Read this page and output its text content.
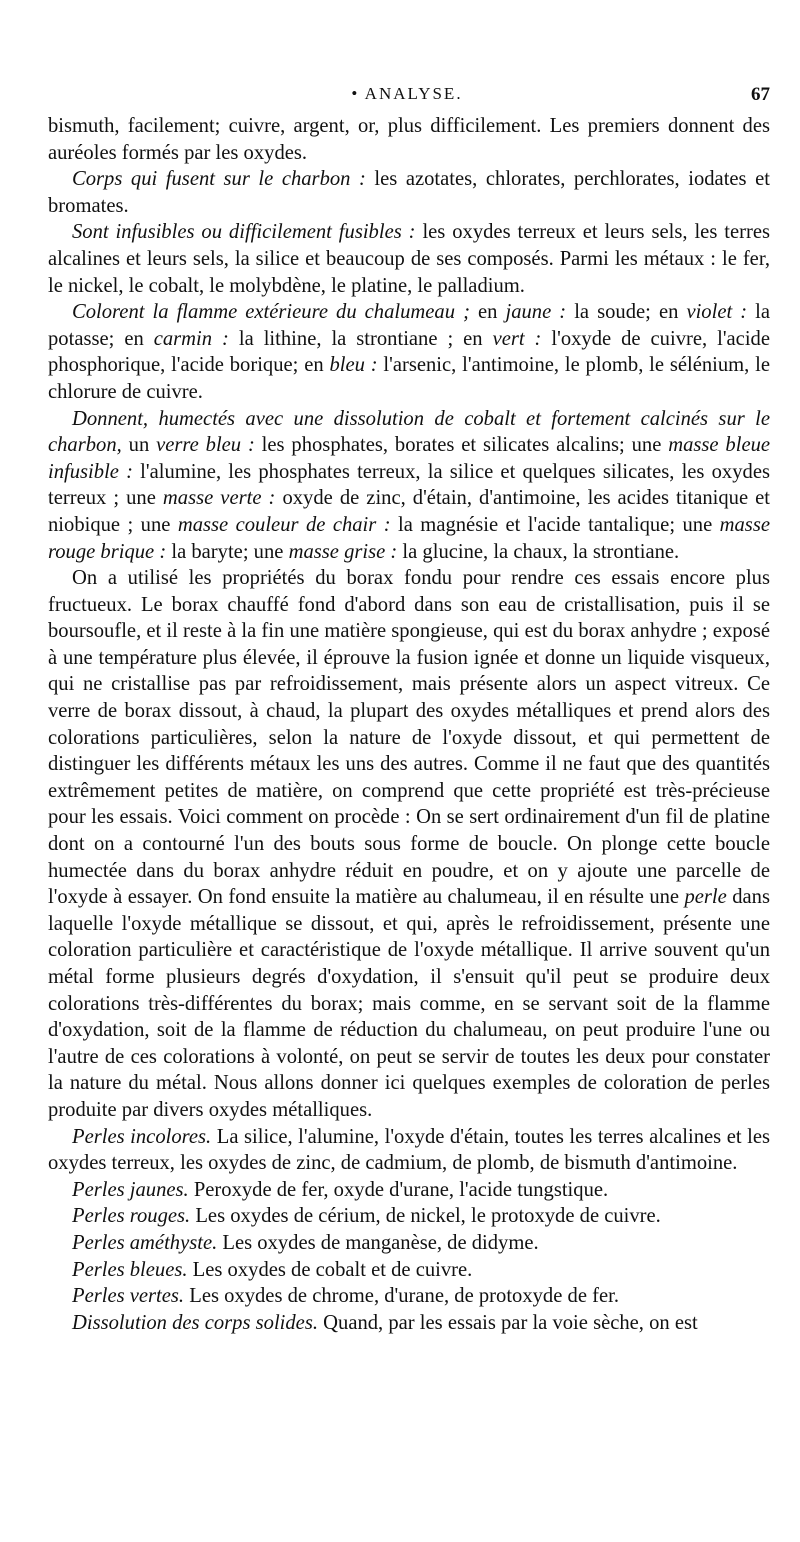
• ANALYSE.	67

bismuth, facilement; cuivre, argent, or, plus difficilement. Les premiers donnent des auréoles formés par les oxydes.

Corps qui fusent sur le charbon : les azotates, chlorates, perchlorates, iodates et bromates.

Sont infusibles ou difficilement fusibles : les oxydes terreux et leurs sels, les terres alcalines et leurs sels, la silice et beaucoup de ses composés. Parmi les métaux : le fer, le nickel, le cobalt, le molybdène, le platine, le palladium.

Colorent la flamme extérieure du chalumeau ; en jaune : la soude; en violet : la potasse; en carmin : la lithine, la strontiane ; en vert : l'oxyde de cuivre, l'acide phosphorique, l'acide borique; en bleu : l'arsenic, l'antimoine, le plomb, le sélénium, le chlorure de cuivre.

Donnent, humectés avec une dissolution de cobalt et fortement calcinés sur le charbon, un verre bleu : les phosphates, borates et silicates alcalins; une masse bleue infusible : l'alumine, les phosphates terreux, la silice et quelques silicates, les oxydes terreux ; une masse verte : oxyde de zinc, d'étain, d'antimoine, les acides titanique et niobique ; une masse couleur de chair : la magnésie et l'acide tantalique; une masse rouge brique : la baryte; une masse grise : la glucine, la chaux, la strontiane.

On a utilisé les propriétés du borax fondu pour rendre ces essais encore plus fructueux. Le borax chauffé fond d'abord dans son eau de cristallisation, puis il se boursoufle, et il reste à la fin une matière spongieuse, qui est du borax anhydre ; exposé à une température plus élevée, il éprouve la fusion ignée et donne un liquide visqueux, qui ne cristallise pas par refroidissement, mais présente alors un aspect vitreux. Ce verre de borax dissout, à chaud, la plupart des oxydes métalliques et prend alors des colorations particulières, selon la nature de l'oxyde dissout, et qui permettent de distinguer les différents métaux les uns des autres. Comme il ne faut que des quantités extrêmement petites de matière, on comprend que cette propriété est très-précieuse pour les essais. Voici comment on procède : On se sert ordinairement d'un fil de platine dont on a contourné l'un des bouts sous forme de boucle. On plonge cette boucle humectée dans du borax anhydre réduit en poudre, et on y ajoute une parcelle de l'oxyde à essayer. On fond ensuite la matière au chalumeau, il en résulte une perle dans laquelle l'oxyde métallique se dissout, et qui, après le refroidissement, présente une coloration particulière et caractéristique de l'oxyde métallique. Il arrive souvent qu'un métal forme plusieurs degrés d'oxydation, il s'ensuit qu'il peut se produire deux colorations très-différentes du borax; mais comme, en se servant soit de la flamme d'oxydation, soit de la flamme de réduction du chalumeau, on peut produire l'une ou l'autre de ces colorations à volonté, on peut se servir de toutes les deux pour constater la nature du métal. Nous allons donner ici quelques exemples de coloration de perles produite par divers oxydes métalliques.

Perles incolores. La silice, l'alumine, l'oxyde d'étain, toutes les terres alcalines et les oxydes terreux, les oxydes de zinc, de cadmium, de plomb, de bismuth d'antimoine.

Perles jaunes. Peroxyde de fer, oxyde d'urane, l'acide tungstique.

Perles rouges. Les oxydes de cérium, de nickel, le protoxyde de cuivre.

Perles améthyste. Les oxydes de manganèse, de didyme.

Perles bleues. Les oxydes de cobalt et de cuivre.

Perles vertes. Les oxydes de chrome, d'urane, de protoxyde de fer.

Dissolution des corps solides. Quand, par les essais par la voie sèche, on est
